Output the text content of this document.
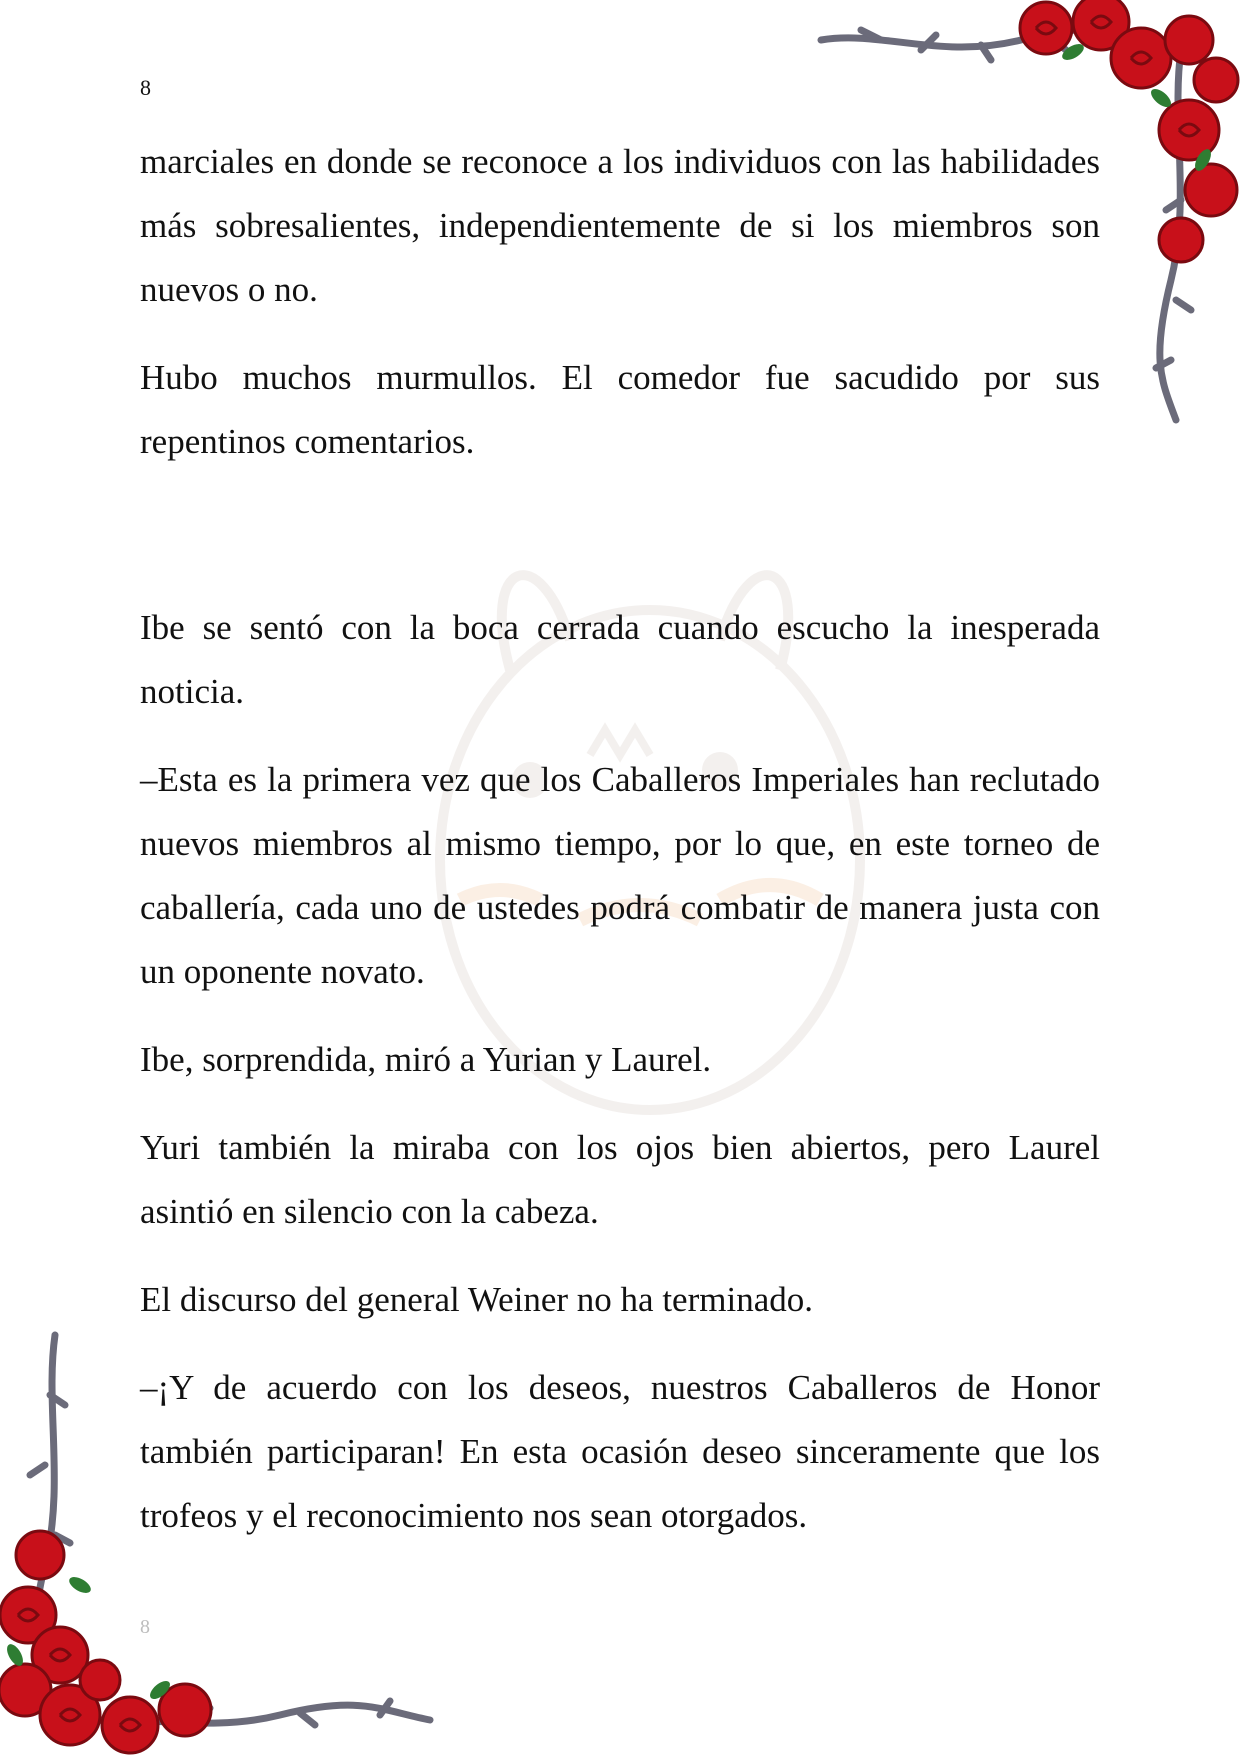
8

marciales en donde se reconoce a los individuos con las habilidades más sobresalientes, independientemente de si los miembros son nuevos o no.

Hubo muchos murmullos. El comedor fue sacudido por sus repentinos comentarios.

Ibe se sentó con la boca cerrada cuando escucho la inesperada noticia.

–Esta es la primera vez que los Caballeros Imperiales han reclutado nuevos miembros al mismo tiempo, por lo que, en este torneo de caballería, cada uno de ustedes podrá combatir de manera justa con un oponente novato.

Ibe, sorprendida, miró a Yurian y Laurel.

Yuri también la miraba con los ojos bien abiertos, pero Laurel asintió en silencio con la cabeza.

El discurso del general Weiner no ha terminado.

–¡Y de acuerdo con los deseos, nuestros Caballeros de Honor también participaran! En esta ocasión deseo sinceramente que los trofeos y el reconocimiento nos sean otorgados.

8
